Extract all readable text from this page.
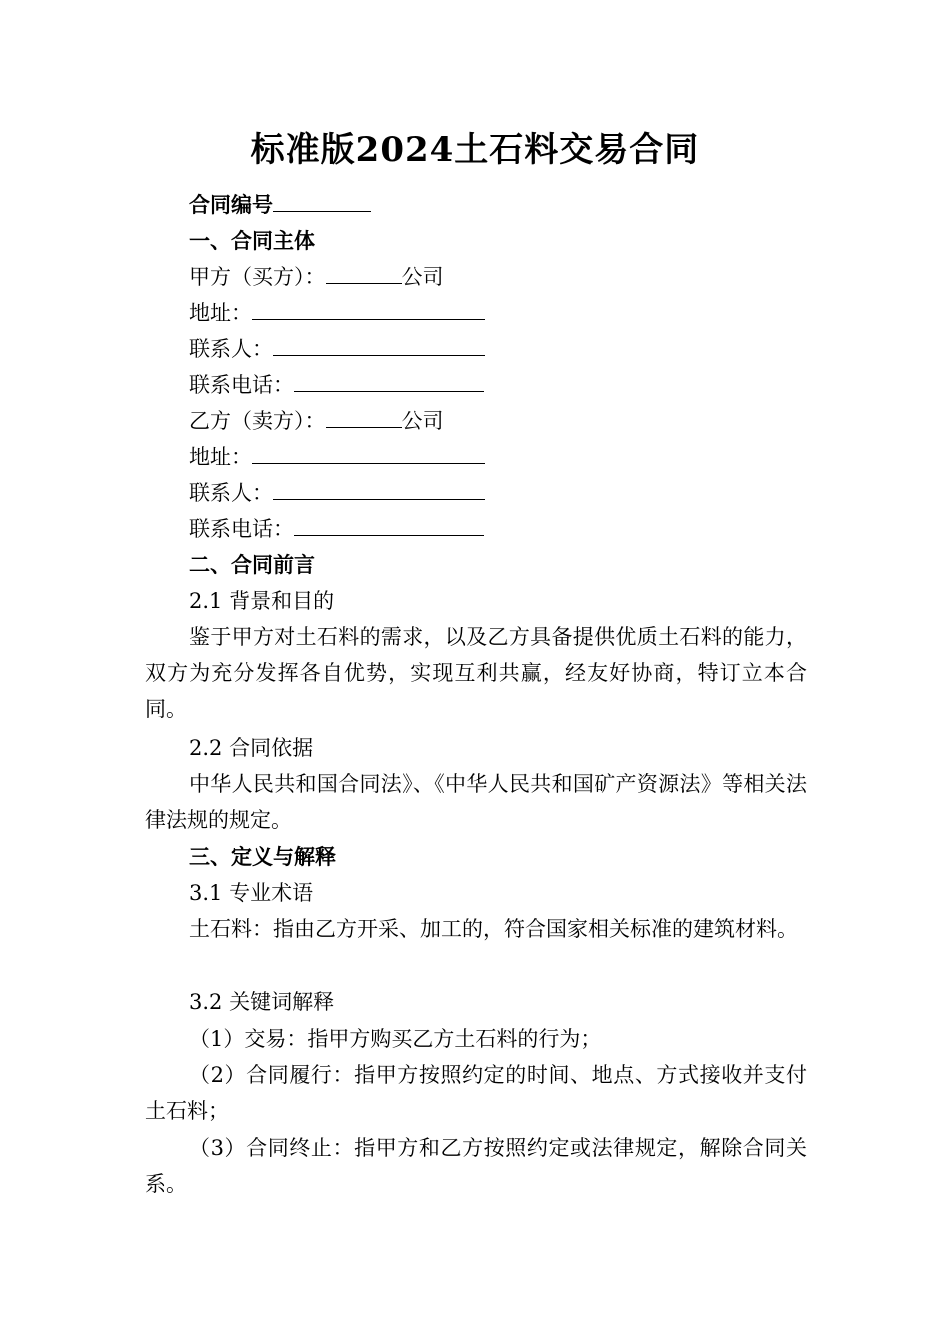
标准版2024土石料交易合同
合同编号
一、合同主体
甲方（买方）：	公司
地址：
联系人：
联系电话：
乙方（卖方）：	公司
地址：
联系人：
联系电话：
二、合同前言
2.1 背景和目的
鉴于甲方对土石料的需求，以及乙方具备提供优质土石料的能力，双方为充分发挥各自优势，实现互利共赢，经友好协商，特订立本合同。
2.2 合同依据
中华人民共和国合同法》、《中华人民共和国矿产资源法》等相关法律法规的规定。
三、定义与解释
3.1 专业术语
土石料：指由乙方开采、加工的，符合国家相关标准的建筑材料。
3.2 关键词解释
（1）交易：指甲方购买乙方土石料的行为；
（2）合同履行：指甲方按照约定的时间、地点、方式接收并支付土石料；
（3）合同终止：指甲方和乙方按照约定或法律规定，解除合同关系。
